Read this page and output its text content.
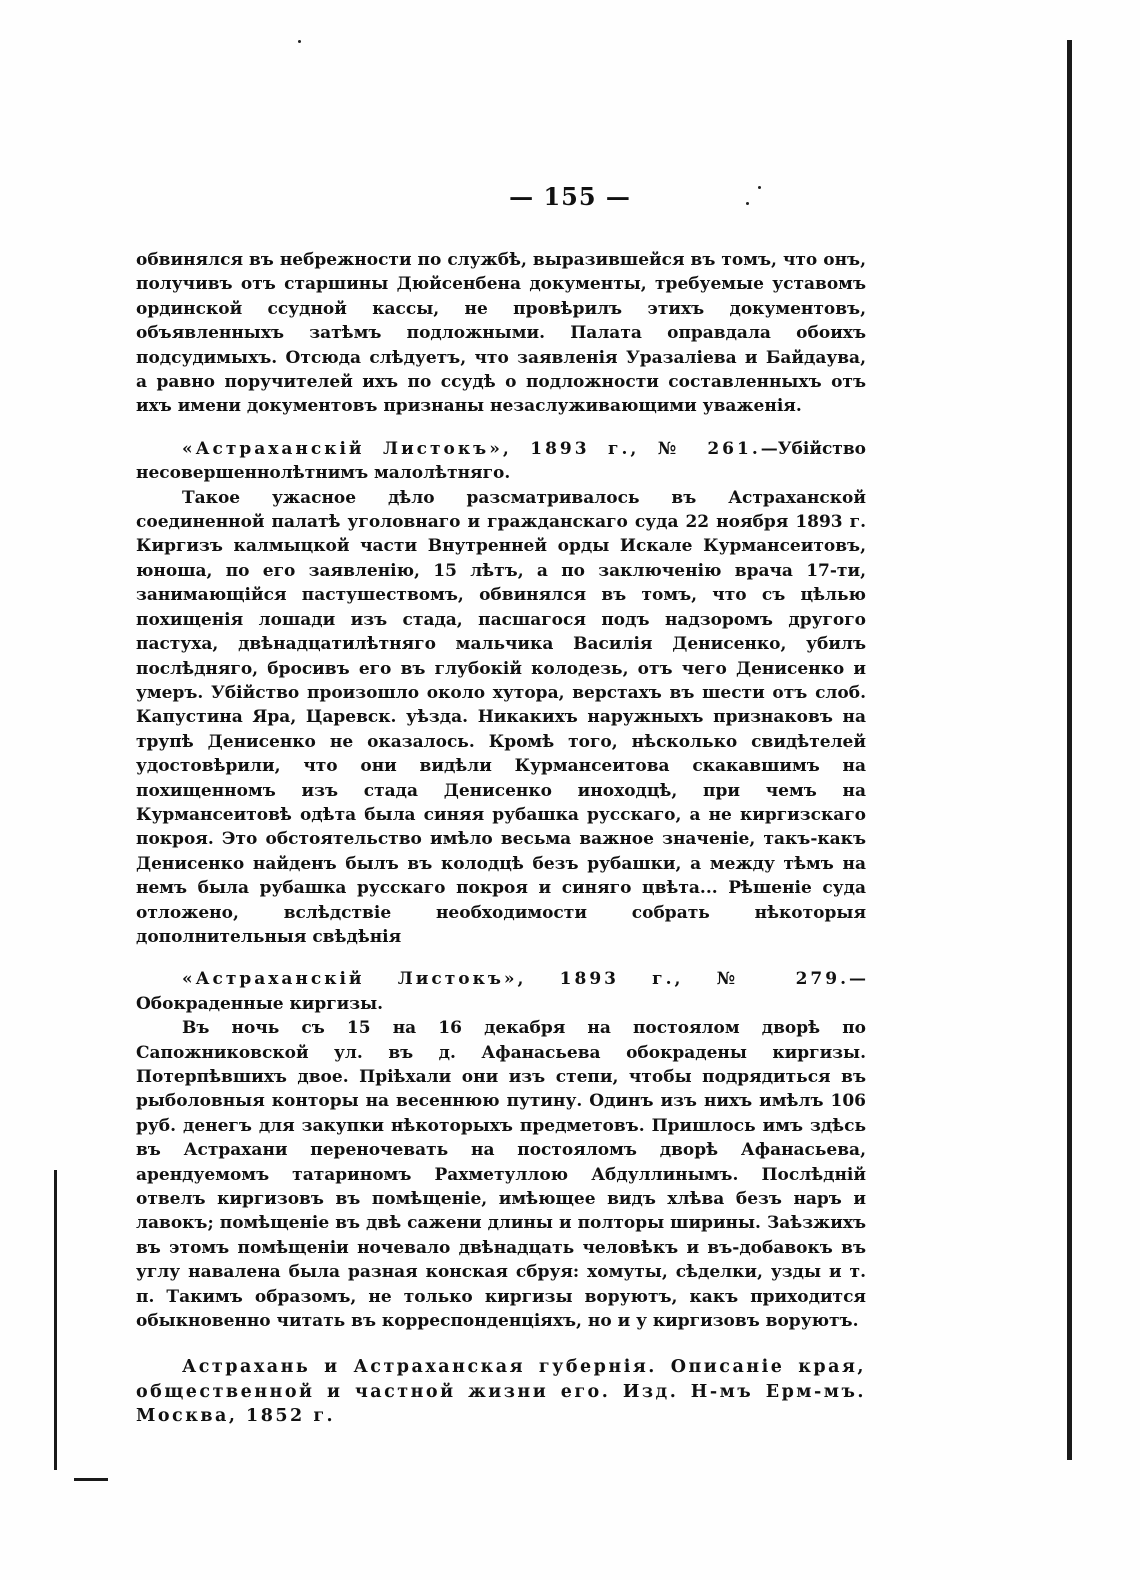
— 155 —

обвинялся въ небрежности по службѣ, выразившейся въ томъ, что онъ, получивъ отъ старшины Дюйсенбена документы, требуемые уставомъ ординской ссудной кассы, не провѣрилъ этихъ документовъ, объявленныхъ затѣмъ подложными. Палата оправдала обоихъ подсудимыхъ. Отсюда слѣдуетъ, что заявленія Уразаліева и Байдаува, а равно поручителей ихъ по ссудѣ о подложности составленныхъ отъ ихъ имени документовъ признаны незаслуживающими уваженія.

«Астраханскій Листокъ», 1893 г., № 261.—Убійство несовершеннолѣтнимъ малолѣтняго.

Такое ужасное дѣло разсматривалось въ Астраханской соединенной палатѣ уголовнаго и гражданскаго суда 22 ноября 1893 г. Киргизъ калмыцкой части Внутренней орды Искале Курмансеитовъ, юноша, по его заявленію, 15 лѣтъ, а по заключенію врача 17-ти, занимающійся пастушествомъ, обвинялся въ томъ, что съ цѣлью похищенія лошади изъ стада, пасшагося подъ надзоромъ другого пастуха, двѣнадцатилѣтняго мальчика Василія Денисенко, убилъ послѣдняго, бросивъ его въ глубокій колодезь, отъ чего Денисенко и умеръ. Убійство произошло около хутора, верстахъ въ шести отъ слоб. Капустина Яра, Царевск. уѣзда. Никакихъ наружныхъ признаковъ на трупѣ Денисенко не оказалось. Кромѣ того, нѣсколько свидѣтелей удостовѣрили, что они видѣли Курмансеитова скакавшимъ на похищенномъ изъ стада Денисенко иноходцѣ, при чемъ на Курмансеитовѣ одѣта была синяя рубашка русскаго, а не киргизскаго покроя. Это обстоятельство имѣло весьма важное значеніе, такъ-какъ Денисенко найденъ былъ въ колодцѣ безъ рубашки, а между тѣмъ на немъ была рубашка русскаго покроя и синяго цвѣта... Рѣшеніе суда отложено, вслѣдствіе необходимости собрать нѣкоторыя дополнительныя свѣдѣнія

«Астраханскій Листокъ», 1893 г., № 279.—Обокраденные киргизы.

Въ ночь съ 15 на 16 декабря на постоялом дворѣ по Сапожниковской ул. въ д. Афанасьева обокрадены киргизы. Потерпѣвшихъ двое. Пріѣхали они изъ степи, чтобы подрядиться въ рыболовныя конторы на весеннюю путину. Одинъ изъ нихъ имѣлъ 106 руб. денегъ для закупки нѣкоторыхъ предметовъ. Пришлось имъ здѣсь въ Астрахани переночевать на постояломъ дворѣ Афанасьева, арендуемомъ татариномъ Рахметуллою Абдуллинымъ. Послѣдній отвелъ киргизовъ въ помѣщеніе, имѣющее видъ хлѣва безъ наръ и лавокъ; помѣщеніе въ двѣ сажени длины и полторы ширины. Заѣзжихъ въ этомъ помѣщеніи ночевало двѣнадцать человѣкъ и въ-добавокъ въ углу навалена была разная конская сбруя: хомуты, сѣделки, узды и т. п. Такимъ образомъ, не только киргизы воруютъ, какъ приходится обыкновенно читать въ корреспонденціяхъ, но и у киргизовъ воруютъ.

Астрахань и Астраханская губернія. Описаніе края, общественной и частной жизни его. Изд. Н-мъ Ерм-мъ. Москва, 1852 г.
